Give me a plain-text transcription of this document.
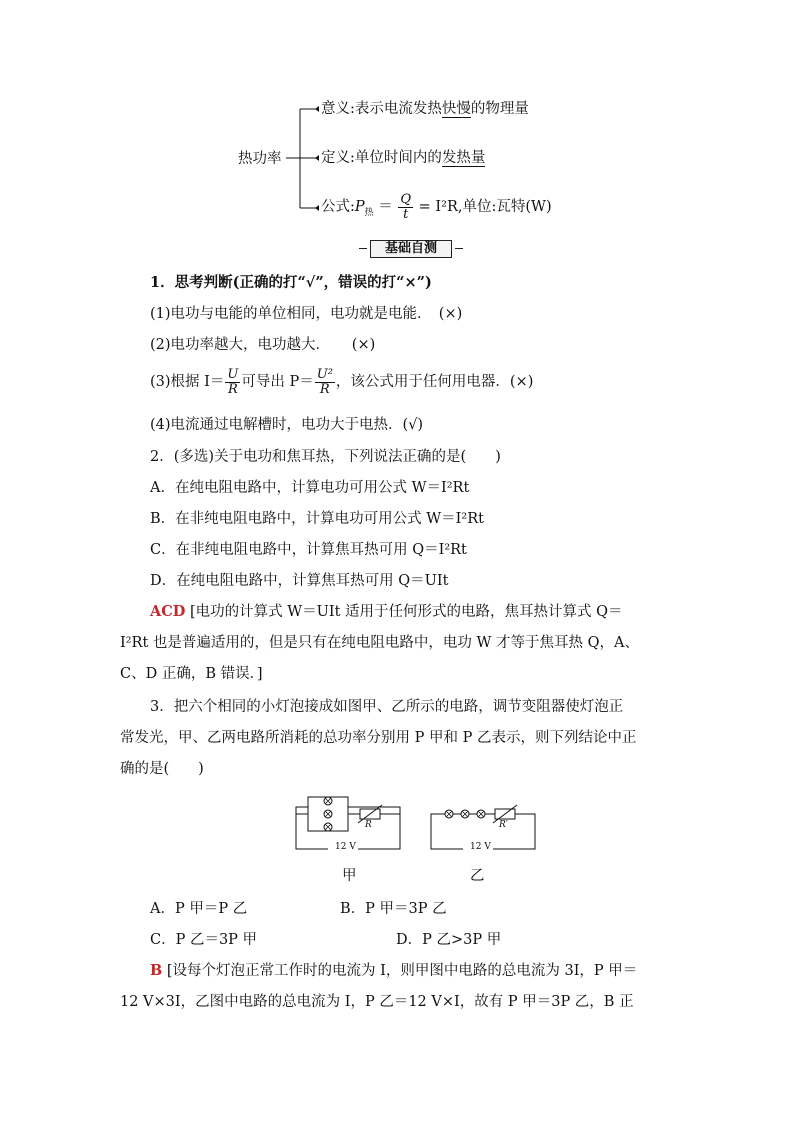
热功率
意义:表示电流发热快慢的物理量
定义:单位时间内的发热量
公式$:P_热 = \frac{Q}{t} = I^2R$,单位:瓦特(W)
基础自测
1．思考判断(正确的打“√”，错误的打“×”)
(1)电功与电能的单位相同，电功就是电能．　(×)
(2)电功率越大，电功越大．　　(×)
(3)根据 $I= \frac{U}{R}$ 可导出 $P= \frac{\text{U²}}{R}$ ，该公式用于任何用电器．(×)
(4)电流通过电解槽时，电功大于电热．(√)
2．(多选)关于电功和焦耳热，下列说法正确的是(　　)
A．在纯电阻电路中，计算电功可用公式 W＝I²Rt
B．在非纯电阻电路中，计算电功可用公式 W＝I²Rt
C．在非纯电阻电路中，计算焦耳热可用 Q＝I²Rt
D．在纯电阻电路中，计算焦耳热可用 Q＝UIt
ACD [电功的计算式 W＝UIt 适用于任何形式的电路，焦耳热计算式 Q＝
I²Rt 也是普遍适用的，但是只有在纯电阻电路中，电功 W 才等于焦耳热 Q，A、
C、D 正确，B 错误．]
3．把六个相同的小灯泡接成如图甲、乙所示的电路，调节变阻器使灯泡正
常发光，甲、乙两电路所消耗的总功率分别用 P 甲和 P 乙表示，则下列结论中正
确的是(　　)
R
12 V
甲
R′
12 V
乙
A．P 甲＝P 乙	B．P 甲＝3P 乙
C．P 乙＝3P 甲	D．P 乙>3P 甲
B [设每个灯泡正常工作时的电流为 I，则甲图中电路的总电流为 3I，P 甲＝
12 V×3I，乙图中电路的总电流为 I，P 乙＝12 V×I，故有 P 甲＝3P 乙，B 正
